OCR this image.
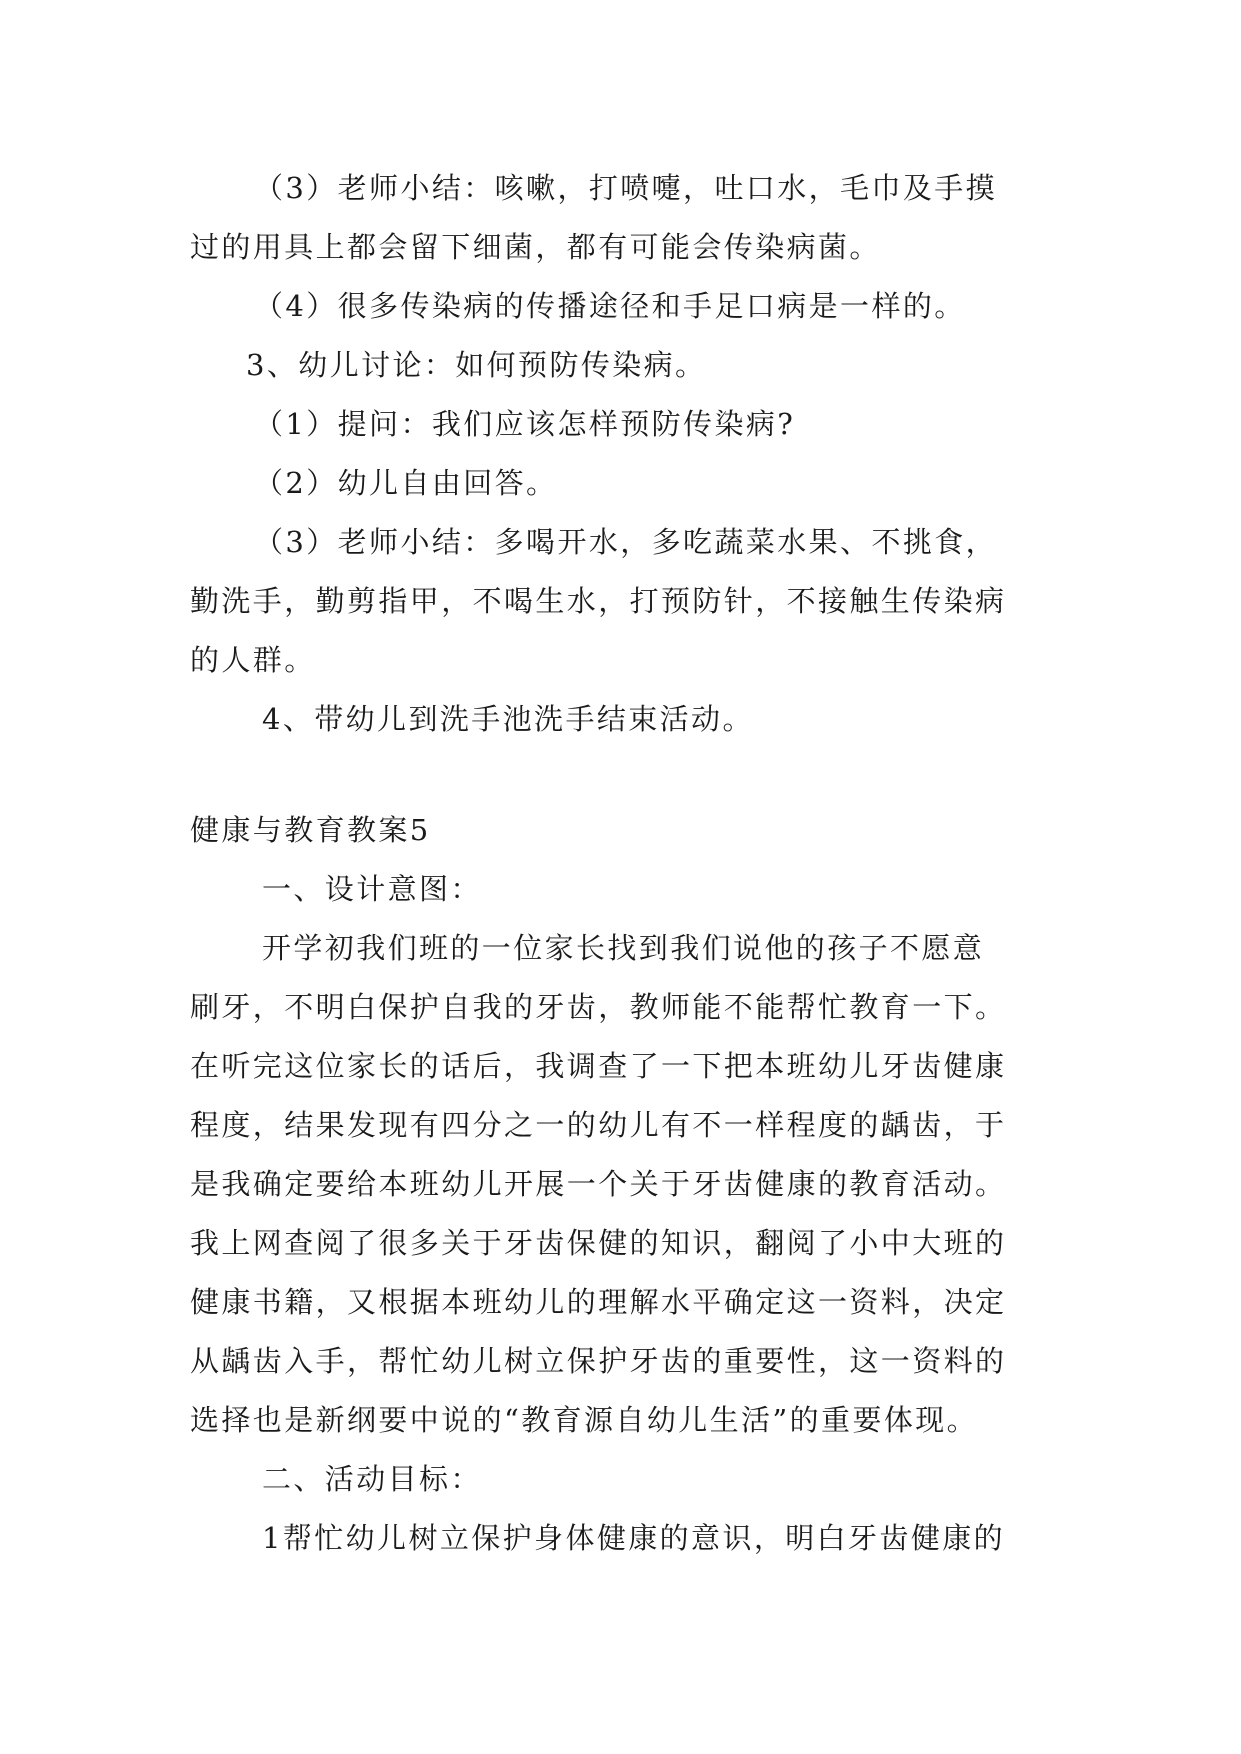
（3）老师小结：咳嗽，打喷嚏，吐口水，毛巾及手摸
过的用具上都会留下细菌，都有可能会传染病菌。
（4）很多传染病的传播途径和手足口病是一样的。
3、幼儿讨论：如何预防传染病。
（1）提问：我们应该怎样预防传染病?
（2）幼儿自由回答。
（3）老师小结：多喝开水，多吃蔬菜水果、不挑食，
勤洗手，勤剪指甲，不喝生水，打预防针，不接触生传染病
的人群。
4、带幼儿到洗手池洗手结束活动。
健康与教育教案5
一、设计意图：
开学初我们班的一位家长找到我们说他的孩子不愿意
刷牙，不明白保护自我的牙齿，教师能不能帮忙教育一下。
在听完这位家长的话后，我调查了一下把本班幼儿牙齿健康
程度，结果发现有四分之一的幼儿有不一样程度的龋齿，于
是我确定要给本班幼儿开展一个关于牙齿健康的教育活动。
我上网查阅了很多关于牙齿保健的知识，翻阅了小中大班的
健康书籍，又根据本班幼儿的理解水平确定这一资料，决定
从龋齿入手，帮忙幼儿树立保护牙齿的重要性，这一资料的
选择也是新纲要中说的“教育源自幼儿生活”的重要体现。
二、活动目标：
1帮忙幼儿树立保护身体健康的意识，明白牙齿健康的
